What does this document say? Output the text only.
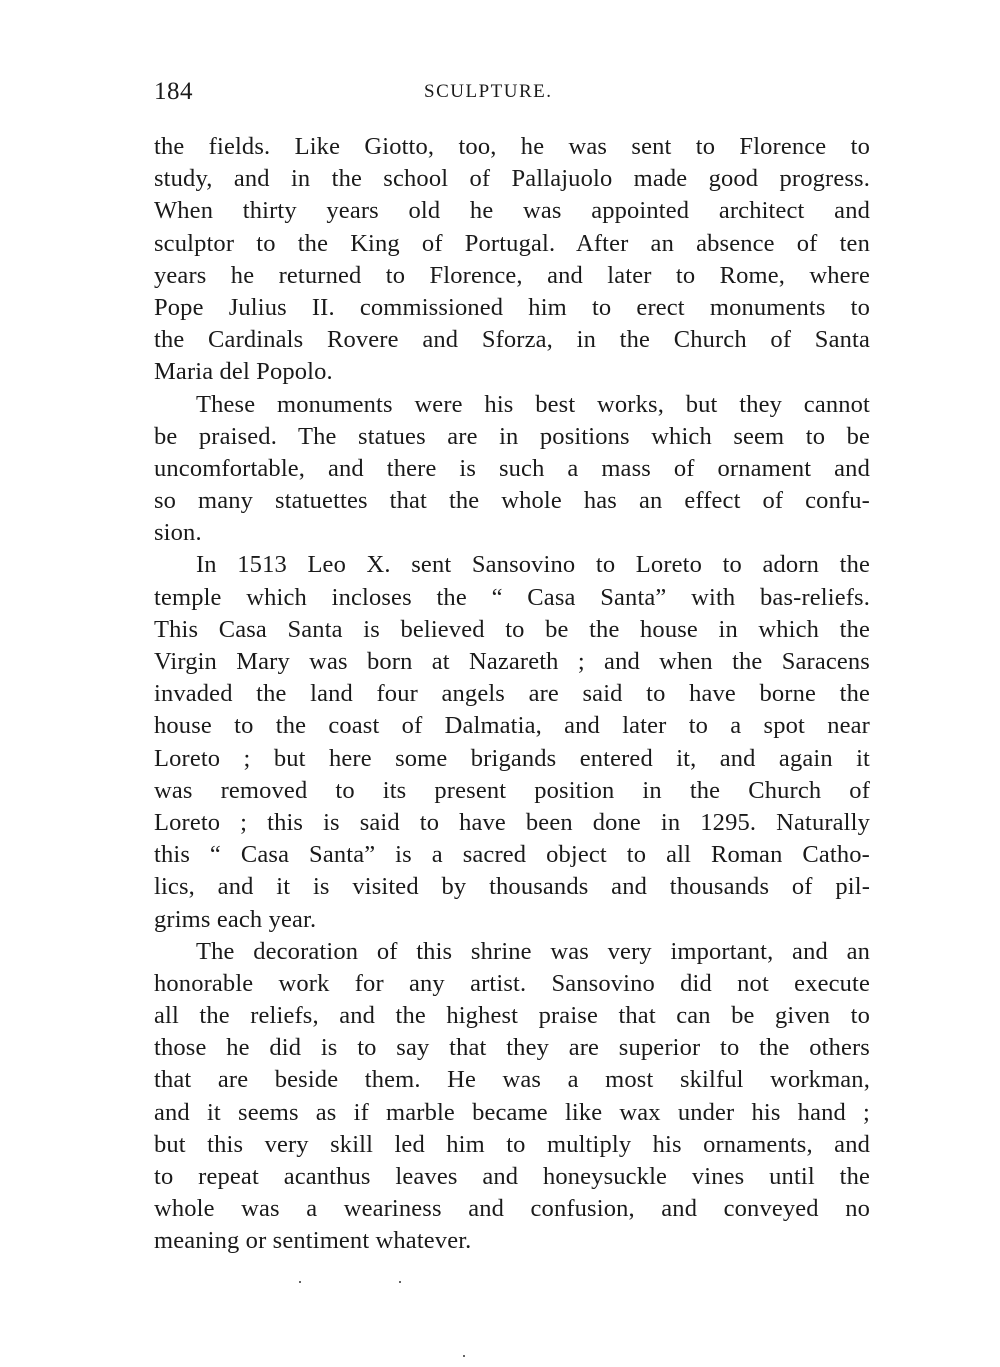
184	SCULPTURE.
the fields. Like Giotto, too, he was sent to Florence to
study, and in the school of Pallajuolo made good progress.
When thirty years old he was appointed architect and
sculptor to the King of Portugal. After an absence of ten
years he returned to Florence, and later to Rome, where
Pope Julius II. commissioned him to erect monuments to
the Cardinals Rovere and Sforza, in the Church of Santa
Maria del Popolo.
These monuments were his best works, but they cannot
be praised. The statues are in positions which seem to be
uncomfortable, and there is such a mass of ornament and
so many statuettes that the whole has an effect of confu-
sion.
In 1513 Leo X. sent Sansovino to Loreto to adorn the
temple which incloses the “ Casa Santa” with bas-reliefs.
This Casa Santa is believed to be the house in which the
Virgin Mary was born at Nazareth ; and when the Saracens
invaded the land four angels are said to have borne the
house to the coast of Dalmatia, and later to a spot near
Loreto ; but here some brigands entered it, and again it
was removed to its present position in the Church of
Loreto ; this is said to have been done in 1295. Naturally
this “ Casa Santa” is a sacred object to all Roman Catho-
lics, and it is visited by thousands and thousands of pil-
grims each year.
The decoration of this shrine was very important, and an
honorable work for any artist. Sansovino did not execute
all the reliefs, and the highest praise that can be given to
those he did is to say that they are superior to the others
that are beside them. He was a most skilful workman,
and it seems as if marble became like wax under his hand ;
but this very skill led him to multiply his ornaments, and
to repeat acanthus leaves and honeysuckle vines until the
whole was a weariness and confusion, and conveyed no
meaning or sentiment whatever.
